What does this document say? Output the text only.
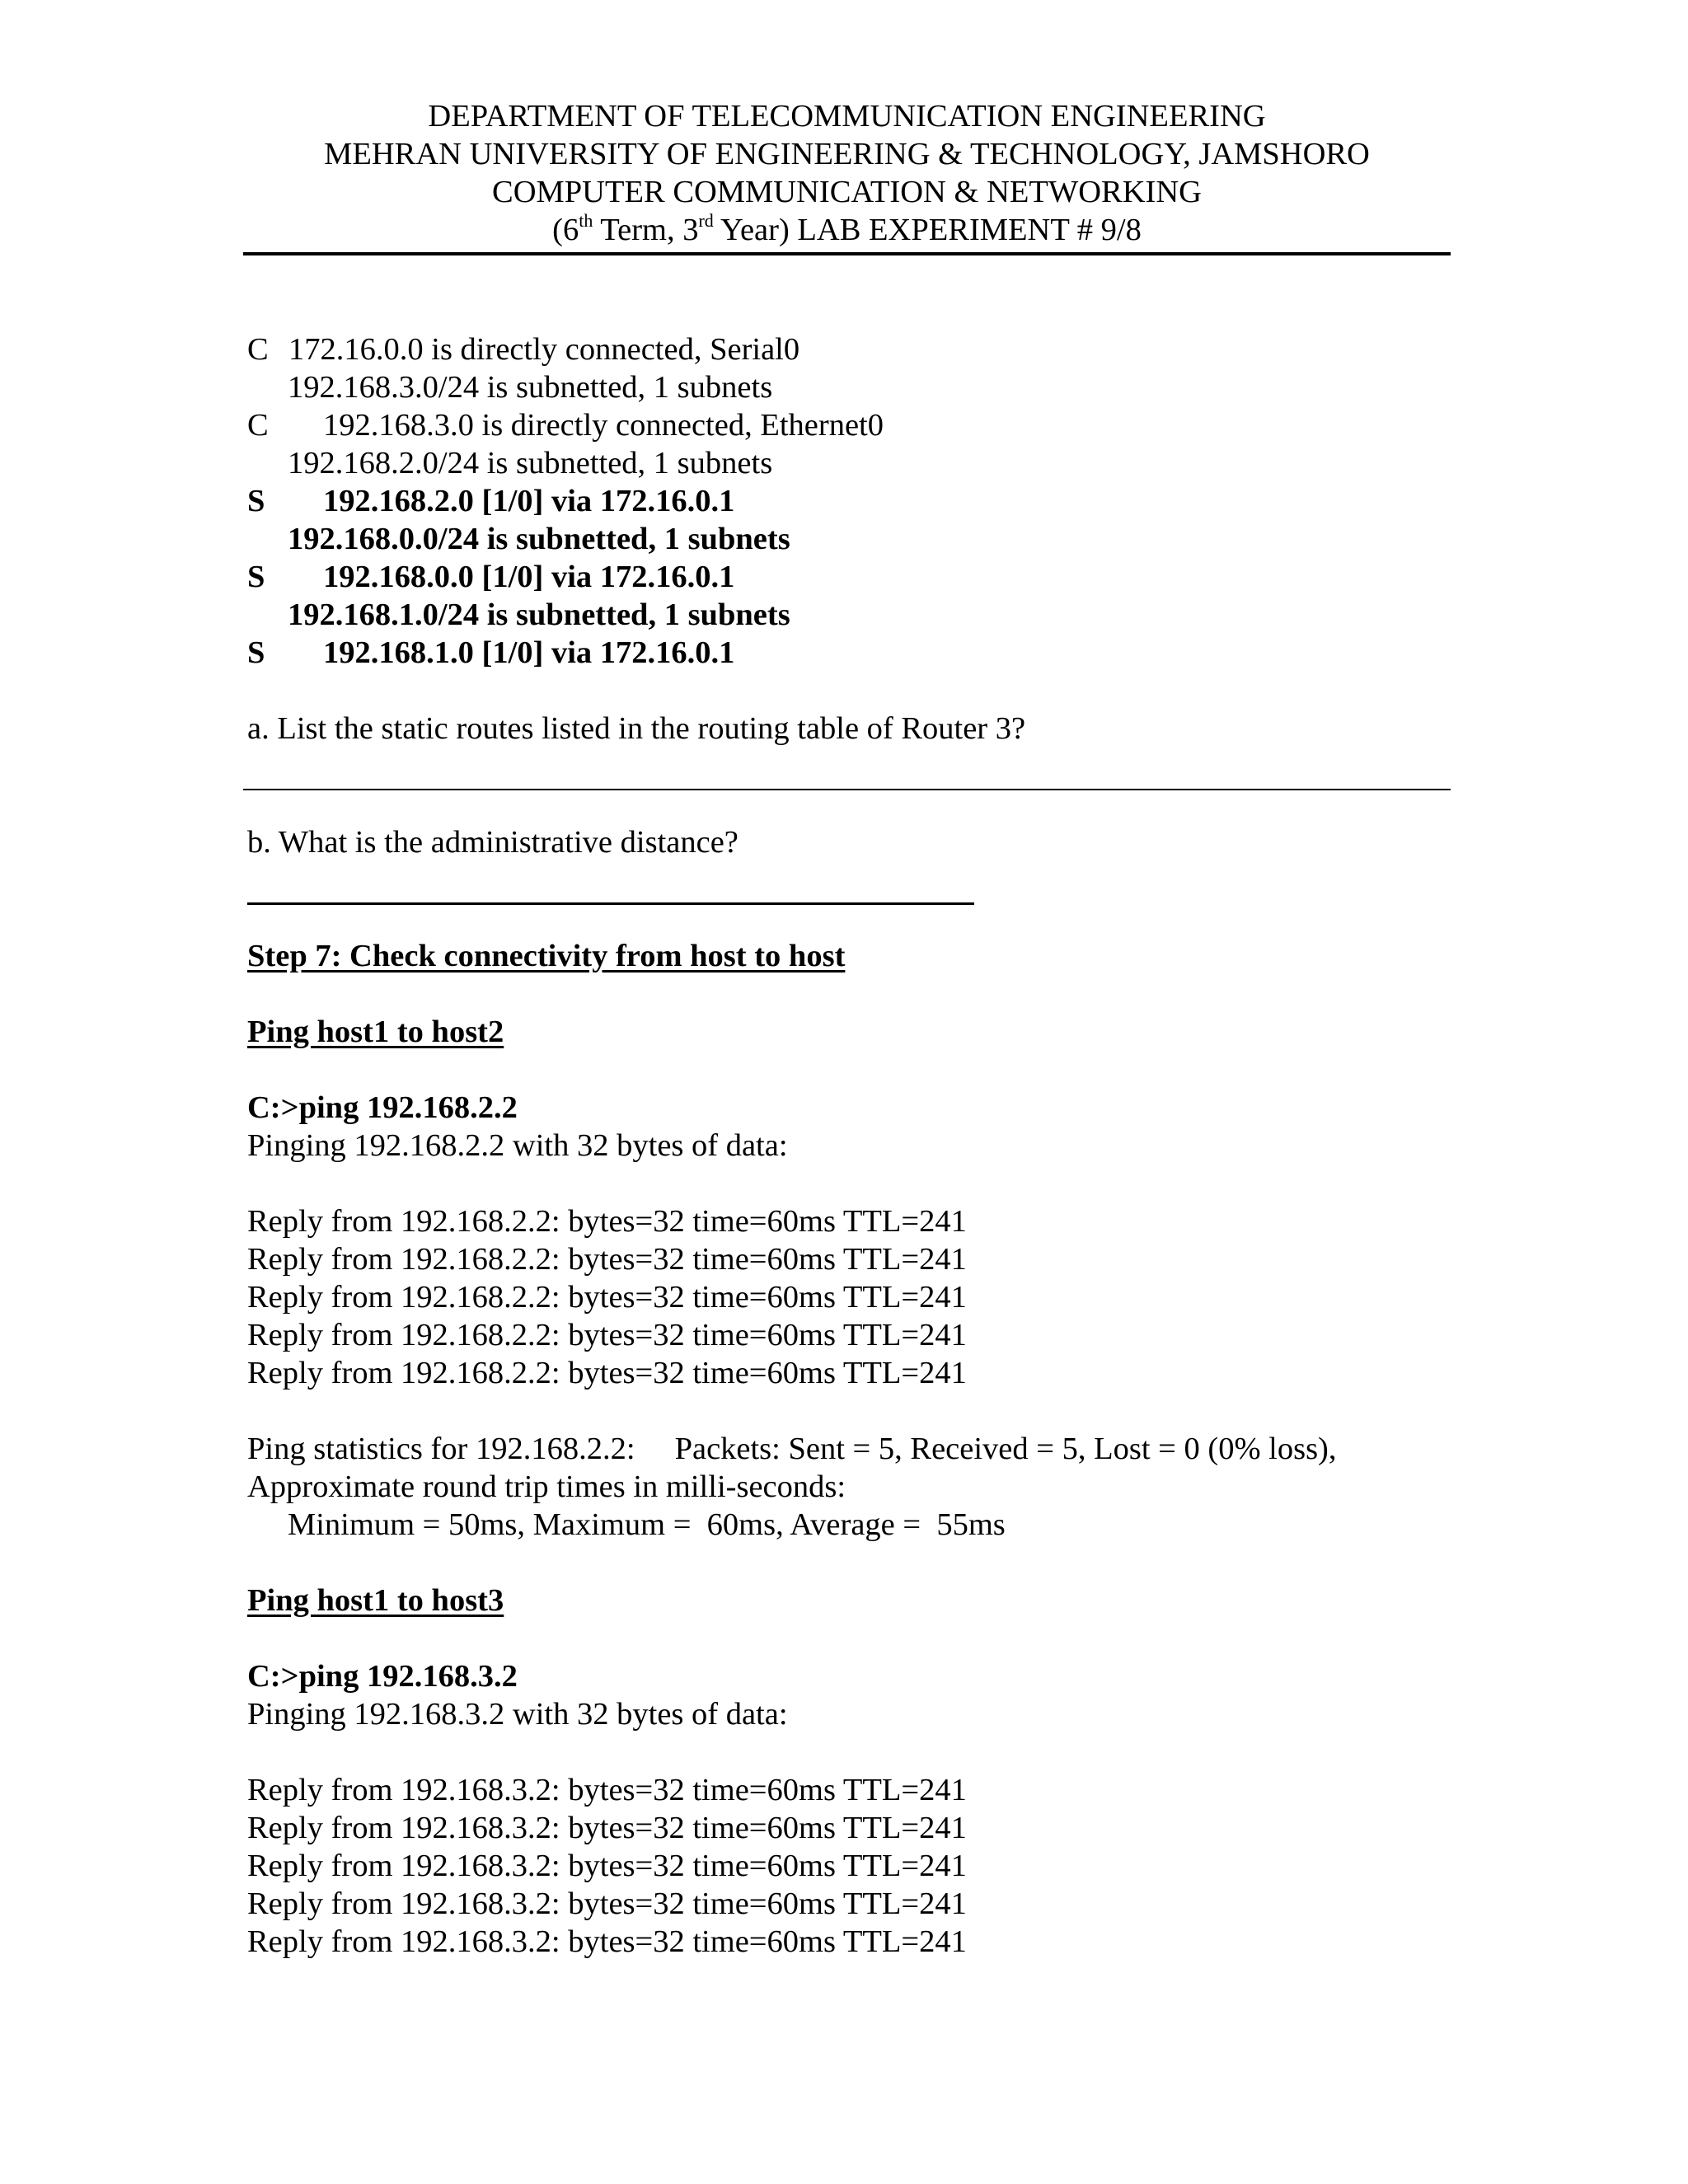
DEPARTMENT OF TELECOMMUNICATION ENGINEERING
MEHRAN UNIVERSITY OF ENGINEERING & TECHNOLOGY, JAMSHORO
COMPUTER COMMUNICATION & NETWORKING
(6th Term, 3rd Year) LAB EXPERIMENT # 9/8
C 172.16.0.0 is directly connected, Serial0
192.168.3.0/24 is subnetted, 1 subnets
C 192.168.3.0 is directly connected, Ethernet0
192.168.2.0/24 is subnetted, 1 subnets
S 192.168.2.0 [1/0] via 172.16.0.1
192.168.0.0/24 is subnetted, 1 subnets
S 192.168.0.0 [1/0] via 172.16.0.1
192.168.1.0/24 is subnetted, 1 subnets
S 192.168.1.0 [1/0] via 172.16.0.1
a. List the static routes listed in the routing table of Router 3?
b. What is the administrative distance?
Step 7: Check connectivity from host to host
Ping host1 to host2
C:>ping 192.168.2.2
Pinging 192.168.2.2 with 32 bytes of data:
Reply from 192.168.2.2: bytes=32 time=60ms TTL=241
Reply from 192.168.2.2: bytes=32 time=60ms TTL=241
Reply from 192.168.2.2: bytes=32 time=60ms TTL=241
Reply from 192.168.2.2: bytes=32 time=60ms TTL=241
Reply from 192.168.2.2: bytes=32 time=60ms TTL=241
Ping statistics for 192.168.2.2: Packets: Sent = 5, Received = 5, Lost = 0 (0% loss),
Approximate round trip times in milli-seconds:
Minimum = 50ms, Maximum =  60ms, Average =  55ms
Ping host1 to host3
C:>ping 192.168.3.2
Pinging 192.168.3.2 with 32 bytes of data:
Reply from 192.168.3.2: bytes=32 time=60ms TTL=241
Reply from 192.168.3.2: bytes=32 time=60ms TTL=241
Reply from 192.168.3.2: bytes=32 time=60ms TTL=241
Reply from 192.168.3.2: bytes=32 time=60ms TTL=241
Reply from 192.168.3.2: bytes=32 time=60ms TTL=241
